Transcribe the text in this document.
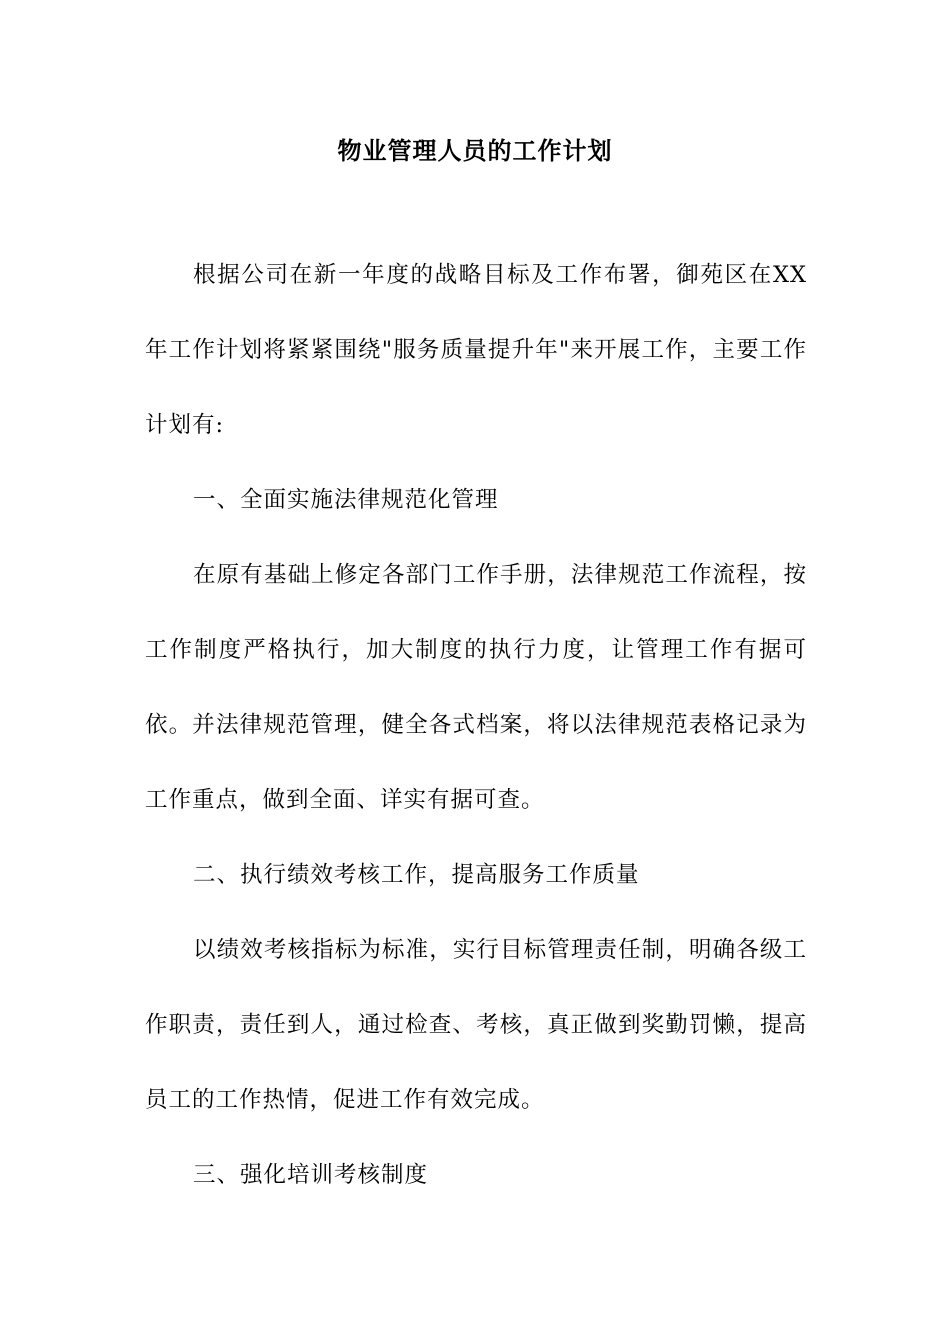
物业管理人员的工作计划

根据公司在新一年度的战略目标及工作布署，御苑区在XX年工作计划将紧紧围绕"服务质量提升年"来开展工作，主要工作计划有:

一、全面实施法律规范化管理

在原有基础上修定各部门工作手册，法律规范工作流程，按工作制度严格执行，加大制度的执行力度，让管理工作有据可依。并法律规范管理，健全各式档案，将以法律规范表格记录为工作重点，做到全面、详实有据可查。

二、执行绩效考核工作，提高服务工作质量

以绩效考核指标为标准，实行目标管理责任制，明确各级工作职责，责任到人，通过检查、考核，真正做到奖勤罚懒，提高员工的工作热情，促进工作有效完成。

三、强化培训考核制度
